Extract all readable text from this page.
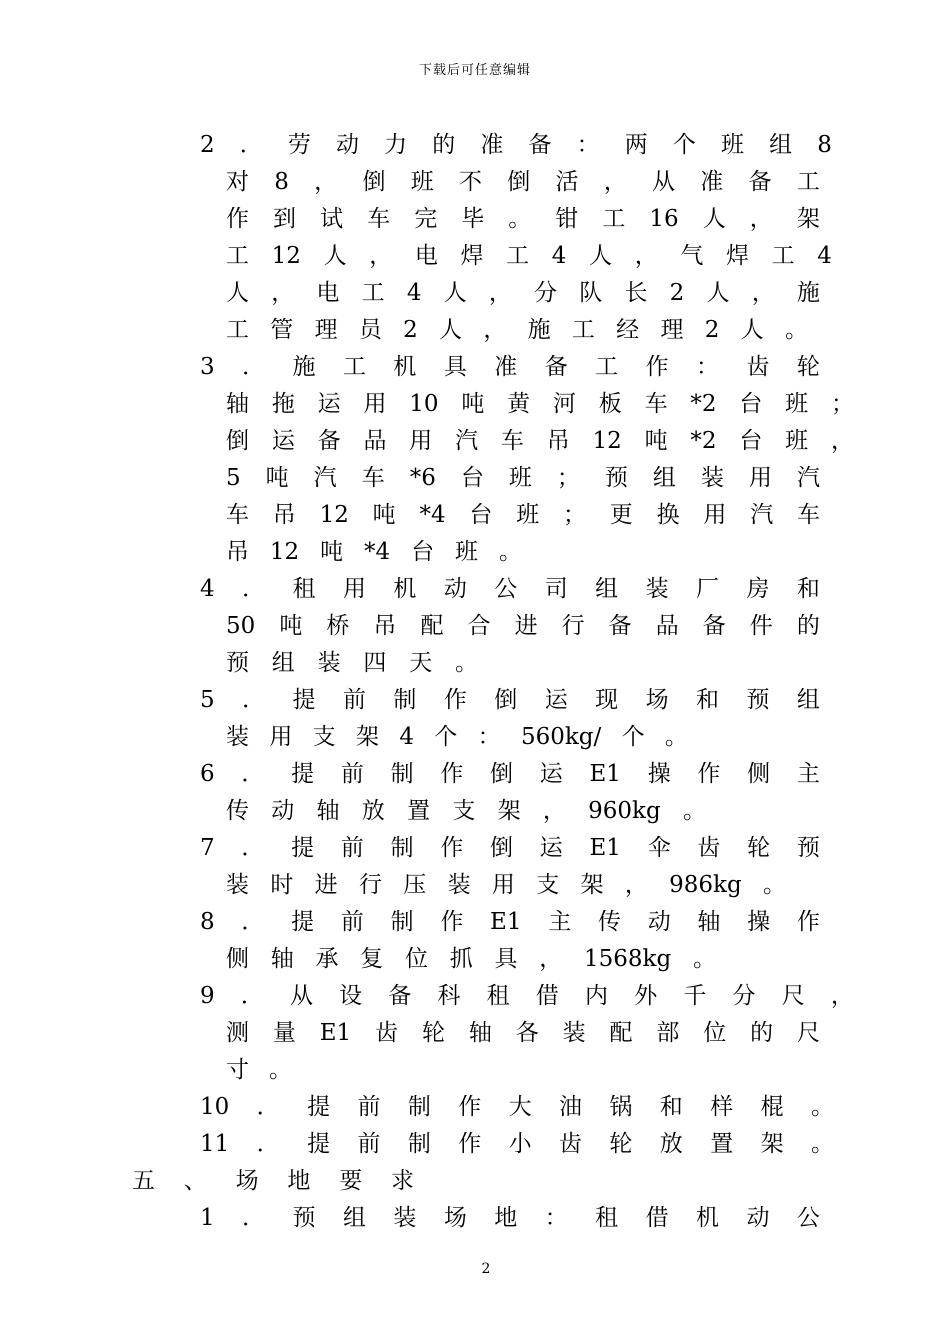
下载后可任意编辑
2 ． 劳 动 力 的 准 备 ： 两 个 班 组 8
对 8 ， 倒 班 不 倒 活 ， 从 准 备 工
作 到 试 车 完 毕 。 钳 工 16 人 ， 架
工 12 人 ， 电 焊 工 4 人 ， 气 焊 工 4
人 ， 电 工 4 人 ， 分 队 长 2 人 ， 施
工 管 理 员 2 人 ， 施 工 经 理 2 人 。
3 ． 施 工 机 具 准 备 工 作 ： 齿 轮
轴 拖 运 用 10 吨 黄 河 板 车 *2 台 班 ；
倒 运 备 品 用 汽 车 吊 12 吨 *2 台 班 ，
5 吨 汽 车 *6 台 班 ； 预 组 装 用 汽
车 吊 12 吨 *4 台 班 ； 更 换 用 汽 车
吊 12 吨 *4 台 班 。
4 ． 租 用 机 动 公 司 组 装 厂 房 和
50 吨 桥 吊 配 合 进 行 备 品 备 件 的
预 组 装 四 天 。
5 ． 提 前 制 作 倒 运 现 场 和 预 组
装 用 支 架 4 个 ： 560kg/ 个 。
6 ． 提 前 制 作 倒 运 E1 操 作 侧 主
传 动 轴 放 置 支 架 ， 960kg 。
7 ． 提 前 制 作 倒 运 E1 伞 齿 轮 预
装 时 进 行 压 装 用 支 架 ， 986kg 。
8 ． 提 前 制 作 E1 主 传 动 轴 操 作
侧 轴 承 复 位 抓 具 ， 1568kg 。
9 ． 从 设 备 科 租 借 内 外 千 分 尺 ，
测 量 E1 齿 轮 轴 各 装 配 部 位 的 尺
寸 。
10 ． 提 前 制 作 大 油 锅 和 样 棍 。
11 ． 提 前 制 作 小 齿 轮 放 置 架 。
五 、 场 地 要 求
1 ． 预 组 装 场 地 ： 租 借 机 动 公
2
